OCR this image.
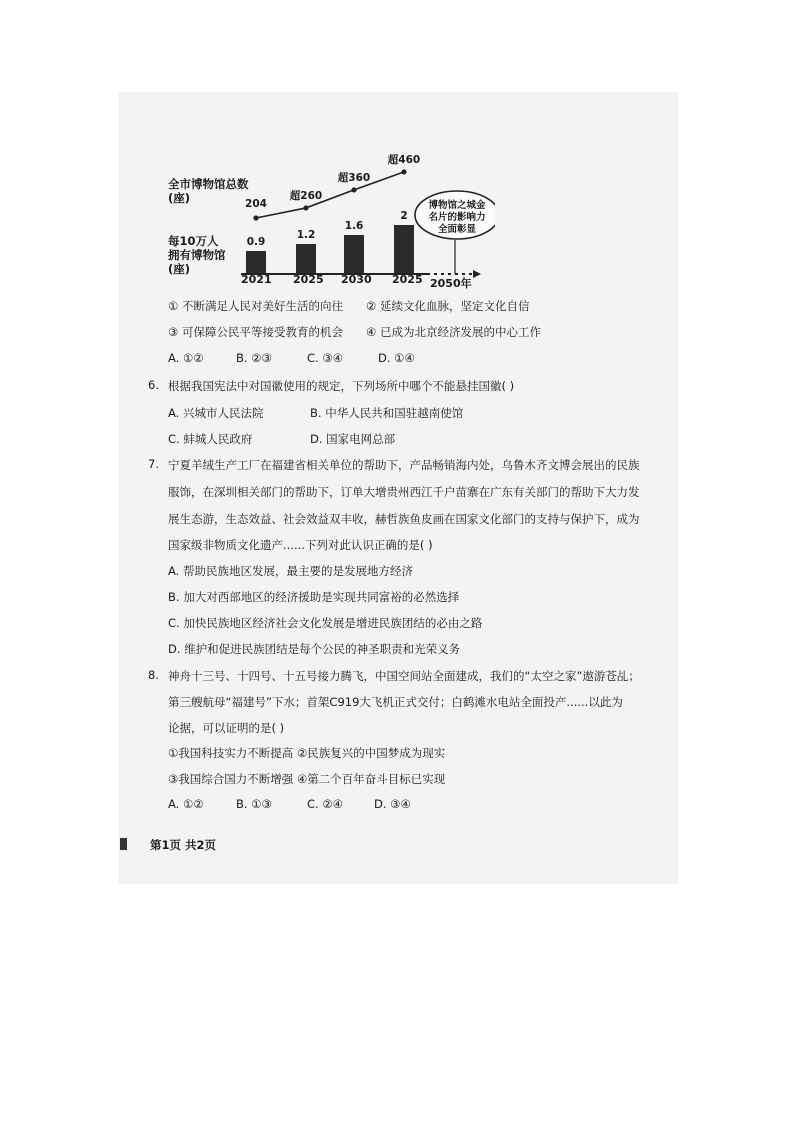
全市博物馆总数
(座)
每10万人
拥有博物馆
(座)
博物馆之城金
名片的影响力
全面彰显
0.9
1.2
1.6
2
204
超260
超360
超460
2021 2025 2030 2025 2050年
① 不断满足人民对美好生活的向往 ② 延续文化血脉，坚定文化自信
③ 可保障公民平等接受教育的机会 ④ 已成为北京经济发展的中心工作
A. ①②	B. ②③	C. ③④	D. ①④
6. 根据我国宪法中对国徽使用的规定，下列场所中哪个不能悬挂国徽( )
A. 兴城市人民法院	B. 中华人民共和国驻越南使馆
C. 蚌城人民政府	D. 国家电网总部
7. 宁夏羊绒生产工厂在福建省相关单位的帮助下，产品畅销海内处，乌鲁木齐文博会展出的民族
服饰，在深圳相关部门的帮助下，订单大增贵州西江千户苗寨在广东有关部门的帮助下大力发
展生态游，生态效益、社会效益双丰收，赫哲族鱼皮画在国家文化部门的支持与保护下，成为
国家级非物质文化遗产......下列对此认识正确的是( )
A. 帮助民族地区发展，最主要的是发展地方经济
B. 加大对西部地区的经济援助是实现共同富裕的必然选择
C. 加快民族地区经济社会文化发展是增进民族团结的必由之路
D. 维护和促进民族团结是每个公民的神圣职责和光荣义务
8. 神舟十三号、十四号、十五号接力腾飞，中国空间站全面建成，我们的“太空之家”遨游苍乩；
第三艘航母“福建号”下水；首架C919大飞机正式交付；白鹤滩水电站全面投产......以此为
论据，可以证明的是( )
①我国科技实力不断提高 ②民族复兴的中国梦成为现实
③我国综合国力不断增强 ④第二个百年奋斗目标已实现
A. ①②	B. ①③	C. ②④	D. ③④
第1页 共2页
